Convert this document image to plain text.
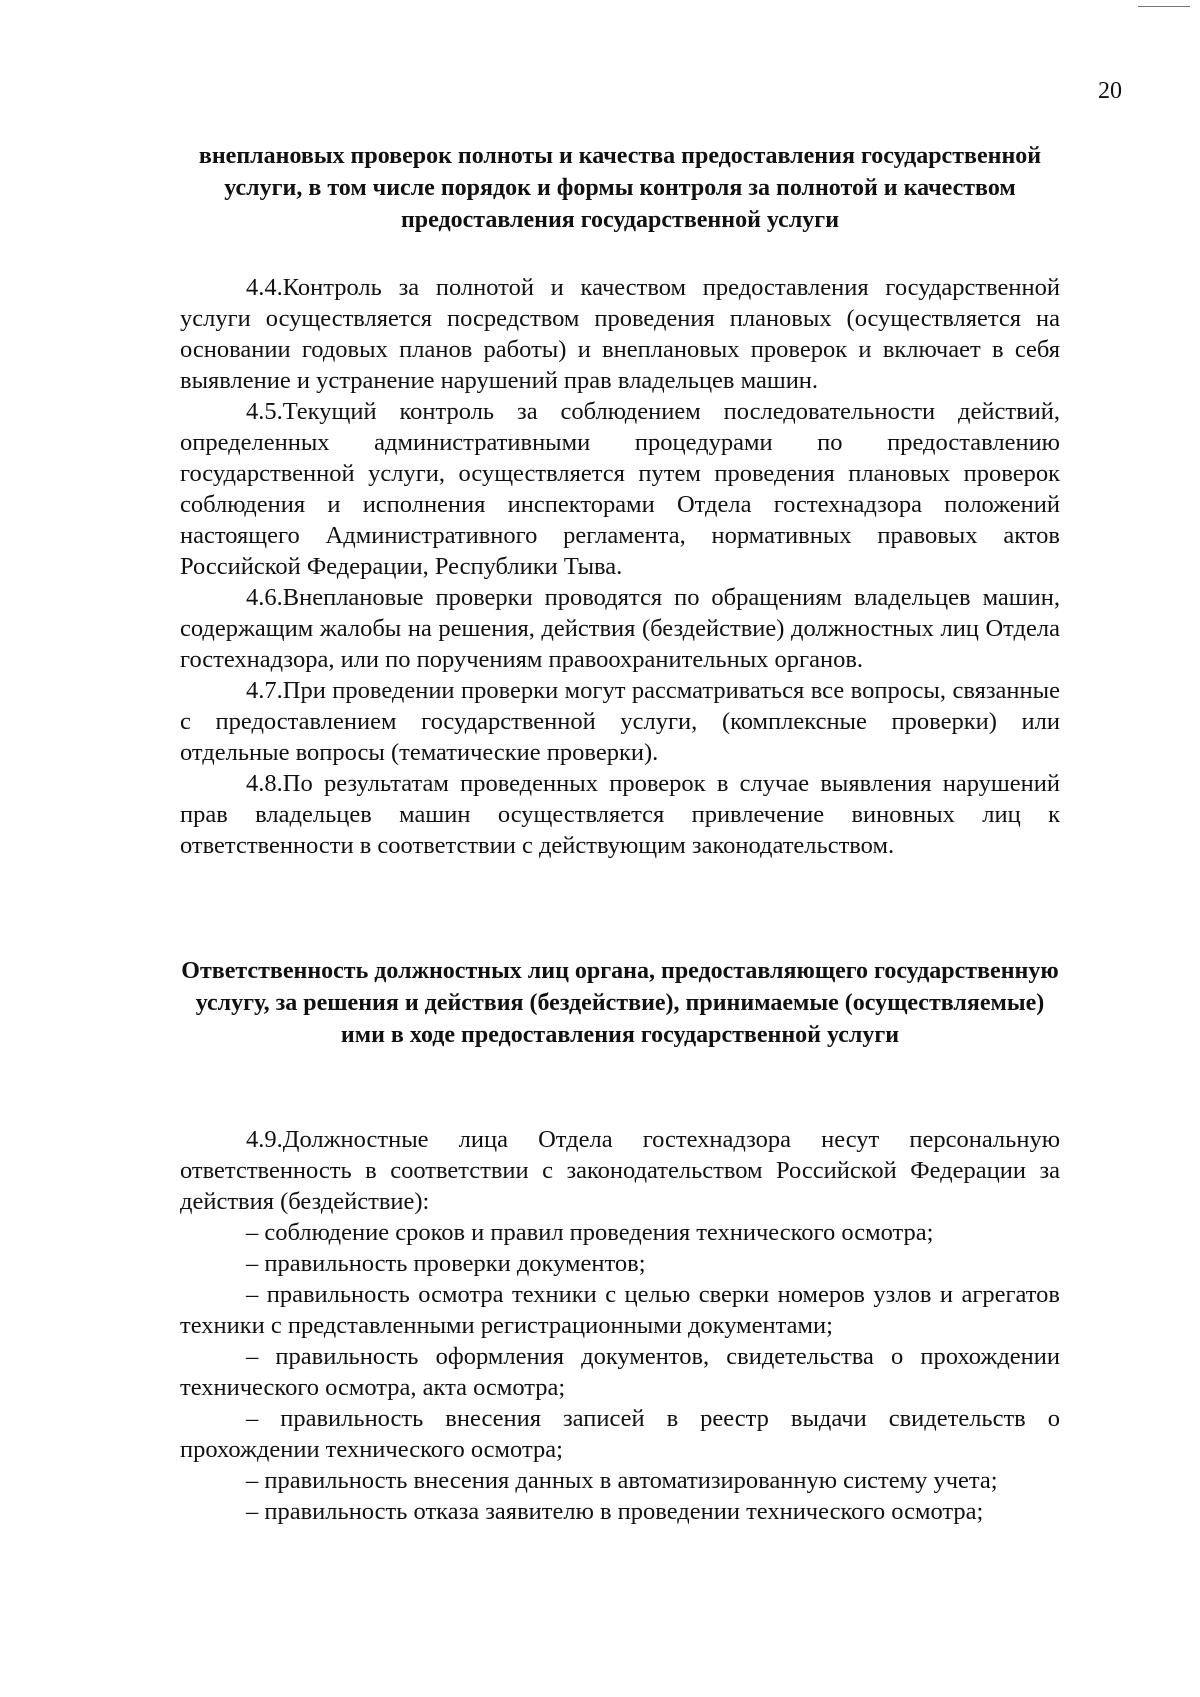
20
внеплановых проверок полноты и качества предоставления государственной услуги, в том числе порядок и формы контроля за полнотой и качеством предоставления государственной услуги

4.4.Контроль за полнотой и качеством предоставления государственной услуги осуществляется посредством проведения плановых (осуществляется на основании годовых планов работы) и внеплановых проверок и включает в себя выявление и устранение нарушений прав владельцев машин.

4.5.Текущий контроль за соблюдением последовательности действий, определенных административными процедурами по предоставлению государственной услуги, осуществляется путем проведения плановых проверок соблюдения и исполнения инспекторами Отдела гостехнадзора положений настоящего Административного регламента, нормативных правовых актов Российской Федерации, Республики Тыва.

4.6.Внеплановые проверки проводятся по обращениям владельцев машин, содержащим жалобы на решения, действия (бездействие) должностных лиц Отдела гостехнадзора, или по поручениям правоохранительных органов.

4.7.При проведении проверки могут рассматриваться все вопросы, связанные с предоставлением государственной услуги, (комплексные проверки) или отдельные вопросы (тематические проверки).

4.8.По результатам проведенных проверок в случае выявления нарушений прав владельцев машин осуществляется привлечение виновных лиц к ответственности в соответствии с действующим законодательством.

Ответственность должностных лиц органа, предоставляющего государственную услугу, за решения и действия (бездействие), принимаемые (осуществляемые) ими в ходе предоставления государственной услуги

4.9.Должностные лица Отдела гостехнадзора несут персональную ответственность в соответствии с законодательством Российской Федерации за действия (бездействие):

– соблюдение сроков и правил проведения технического осмотра;

– правильность проверки документов;

– правильность осмотра техники с целью сверки номеров узлов и агрегатов техники с представленными регистрационными документами;

– правильность оформления документов, свидетельства о прохождении технического осмотра, акта осмотра;

– правильность внесения записей в реестр выдачи свидетельств о прохождении технического осмотра;

– правильность внесения данных в автоматизированную систему учета;

– правильность отказа заявителю в проведении технического осмотра;
